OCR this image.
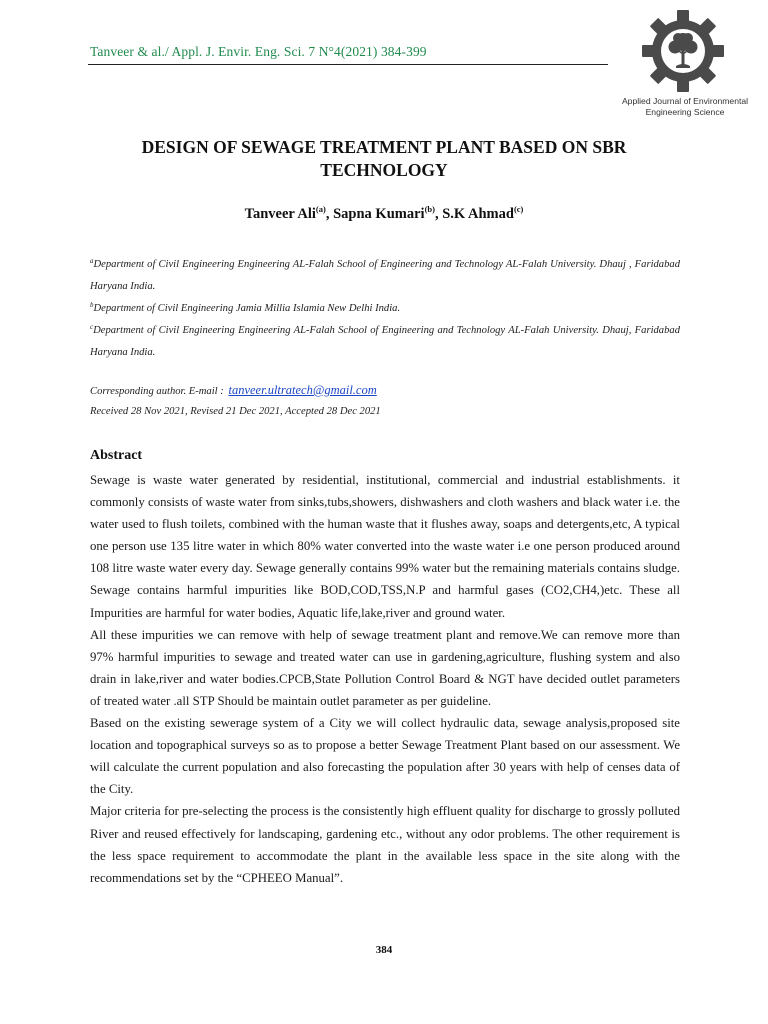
Tanveer & al./ Appl. J. Envir. Eng. Sci. 7 N°4(2021) 384-399
Applied Journal of Environmental
Engineering Science
DESIGN OF SEWAGE TREATMENT PLANT BASED ON SBR
TECHNOLOGY
Tanveer Ali$^{(a)}$, Sapna Kumari$^{(b)}$, S.K Ahmad$^{(c)}$
$^a$Department of Civil Engineering Engineering AL-Falah School of Engineering and Technology AL-Falah University. Dhauj , Faridabad Haryana India.
$^b$Department of Civil Engineering Jamia Millia Islamia New Delhi India.
$^c$Department of Civil Engineering Engineering AL-Falah School of Engineering and Technology AL-Falah University. Dhauj, Faridabad Haryana India.
Corresponding author. E-mail : tanveer.ultratech@gmail.com
Received 28 Nov 2021, Revised 21 Dec 2021, Accepted 28 Dec 2021
Abstract

Sewage is waste water generated by residential, institutional, commercial and industrial establishments. it commonly consists of waste water from sinks,tubs,showers, dishwashers and cloth washers and black water i.e. the water used to flush toilets, combined with the human waste that it flushes away, soaps and detergents,etc, A typical one person use 135 litre water in which 80% water converted into the waste water i.e one person produced around 108 litre waste water every day. Sewage generally contains 99% water but the remaining materials contains sludge. Sewage contains harmful impurities like BOD,COD,TSS,N.P and harmful gases (CO2,CH4,)etc. These all Impurities are harmful for water bodies, Aquatic life,lake,river and ground water.

All these impurities we can remove with help of sewage treatment plant and remove.We can remove more than 97% harmful impurities to sewage and treated water can use in gardening,agriculture, flushing system and also drain in lake,river and water bodies.CPCB,State Pollution Control Board & NGT have decided outlet parameters of treated water .all STP Should be maintain outlet parameter as per guideline.

Based on the existing sewerage system of a City we will collect hydraulic data, sewage analysis,proposed site location and topographical surveys so as to propose a better Sewage Treatment Plant based on our assessment. We will calculate the current population and also forecasting the population after 30 years with help of censes data of the City.

Major criteria for pre-selecting the process is the consistently high effluent quality for discharge to grossly polluted River and reused effectively for landscaping, gardening etc., without any odor problems. The other requirement is the less space requirement to accommodate the plant in the available less space in the site along with the recommendations set by the “CPHEEO Manual”.

384
